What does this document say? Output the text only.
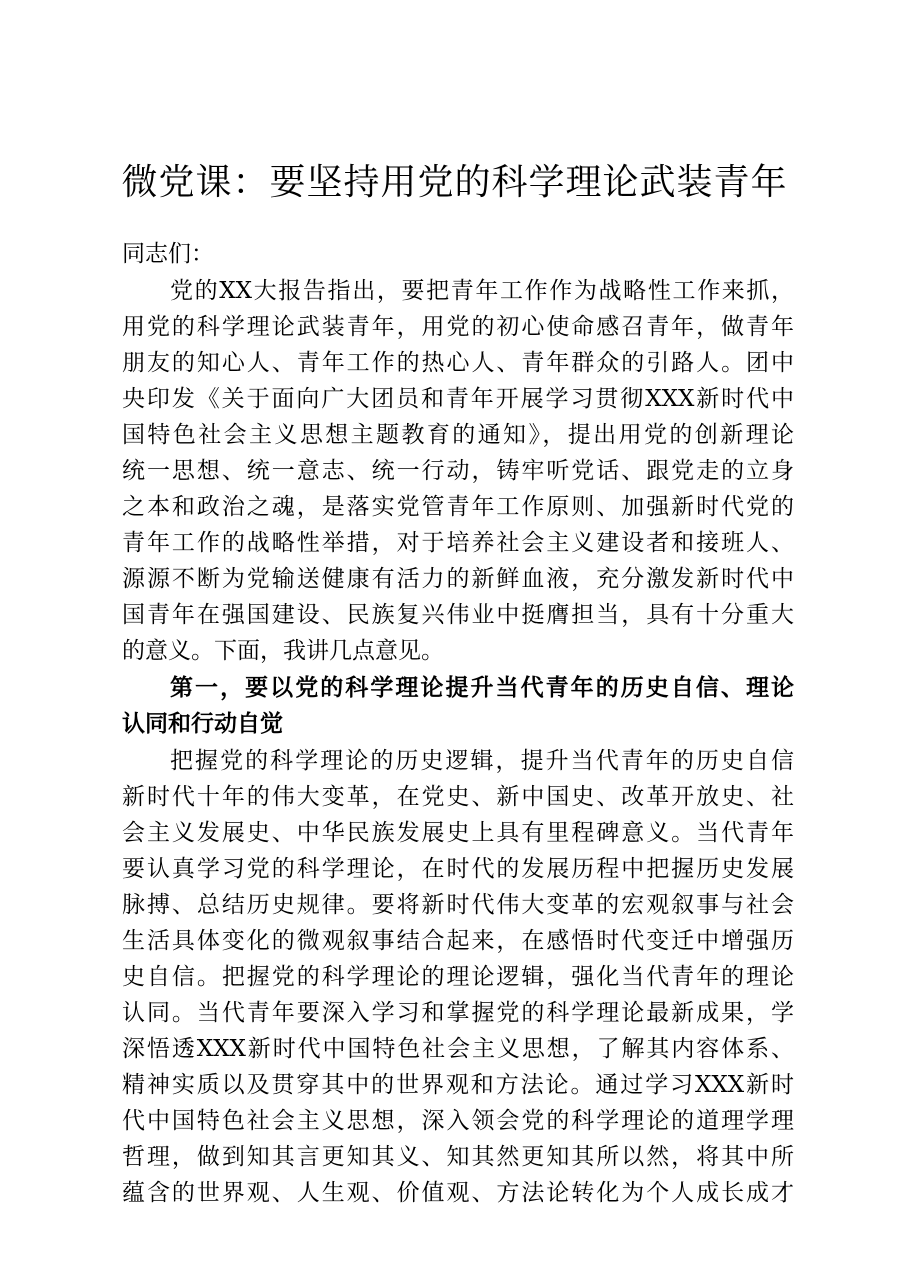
微党课：要坚持用党的科学理论武装青年
同志们：
党的XX大报告指出，要把青年工作作为战略性工作来抓，
用党的科学理论武装青年，用党的初心使命感召青年，做青年
朋友的知心人、青年工作的热心人、青年群众的引路人。团中
央印发《关于面向广大团员和青年开展学习贯彻XXX新时代中
国特色社会主义思想主题教育的通知》，提出用党的创新理论
统一思想、统一意志、统一行动，铸牢听党话、跟党走的立身
之本和政治之魂，是落实党管青年工作原则、加强新时代党的
青年工作的战略性举措，对于培养社会主义建设者和接班人、
源源不断为党输送健康有活力的新鲜血液，充分激发新时代中
国青年在强国建设、民族复兴伟业中挺膺担当，具有十分重大
的意义。下面，我讲几点意见。
第一，要以党的科学理论提升当代青年的历史自信、理论
认同和行动自觉
把握党的科学理论的历史逻辑，提升当代青年的历史自信
新时代十年的伟大变革，在党史、新中国史、改革开放史、社
会主义发展史、中华民族发展史上具有里程碑意义。当代青年
要认真学习党的科学理论，在时代的发展历程中把握历史发展
脉搏、总结历史规律。要将新时代伟大变革的宏观叙事与社会
生活具体变化的微观叙事结合起来，在感悟时代变迁中增强历
史自信。把握党的科学理论的理论逻辑，强化当代青年的理论
认同。当代青年要深入学习和掌握党的科学理论最新成果，学
深悟透XXX新时代中国特色社会主义思想，了解其内容体系、
精神实质以及贯穿其中的世界观和方法论。通过学习XXX新时
代中国特色社会主义思想，深入领会党的科学理论的道理学理
哲理，做到知其言更知其义、知其然更知其所以然，将其中所
蕴含的世界观、人生观、价值观、方法论转化为个人成长成才
